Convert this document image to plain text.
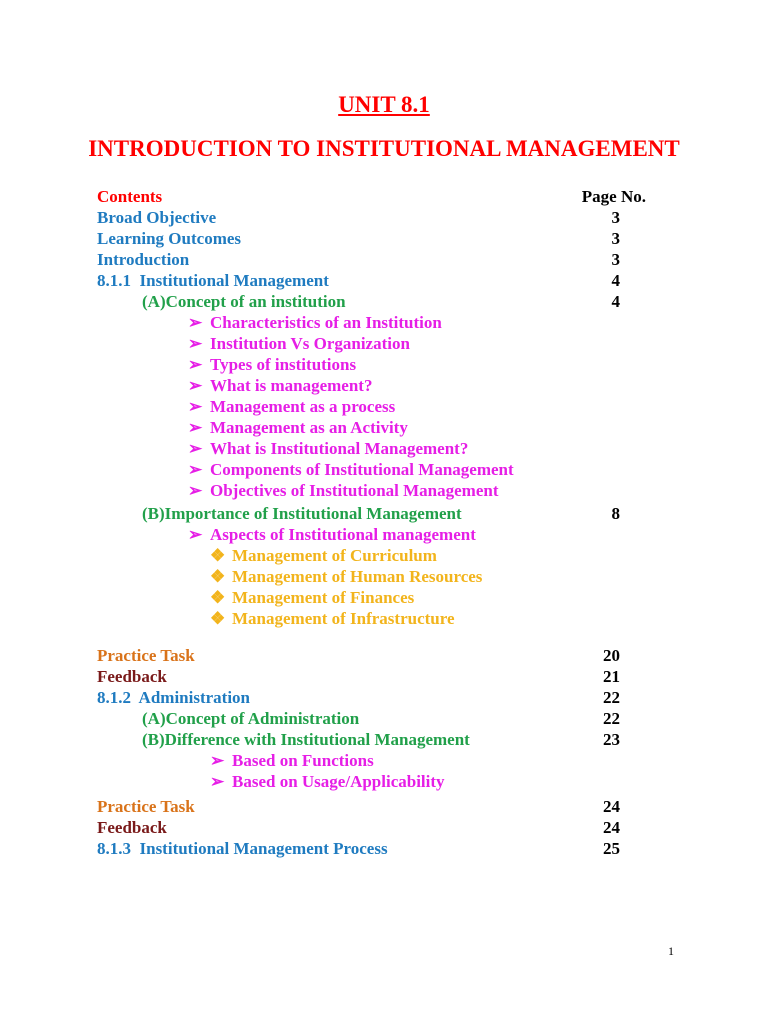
UNIT 8.1
INTRODUCTION TO INSTITUTIONAL MANAGEMENT
Contents	Page No.
Broad Objective	3
Learning Outcomes	3
Introduction	3
8.1.1  Institutional Management	4
(A)Concept of an institution	4
➢ Characteristics of an Institution
➢ Institution Vs Organization
➢ Types of institutions
➢ What is management?
➢ Management as a process
➢ Management as an Activity
➢ What is Institutional Management?
➢ Components of Institutional Management
➢ Objectives of Institutional Management
(B)Importance of Institutional Management	8
➢ Aspects of Institutional management
❖ Management of Curriculum
❖ Management of Human Resources
❖ Management of Finances
❖ Management of Infrastructure
Practice Task	20
Feedback	21
8.1.2  Administration	22
(A)Concept of Administration	22
(B)Difference with Institutional Management	23
➢ Based on Functions
➢ Based on Usage/Applicability
Practice Task	24
Feedback	24
8.1.3  Institutional Management Process	25
1
